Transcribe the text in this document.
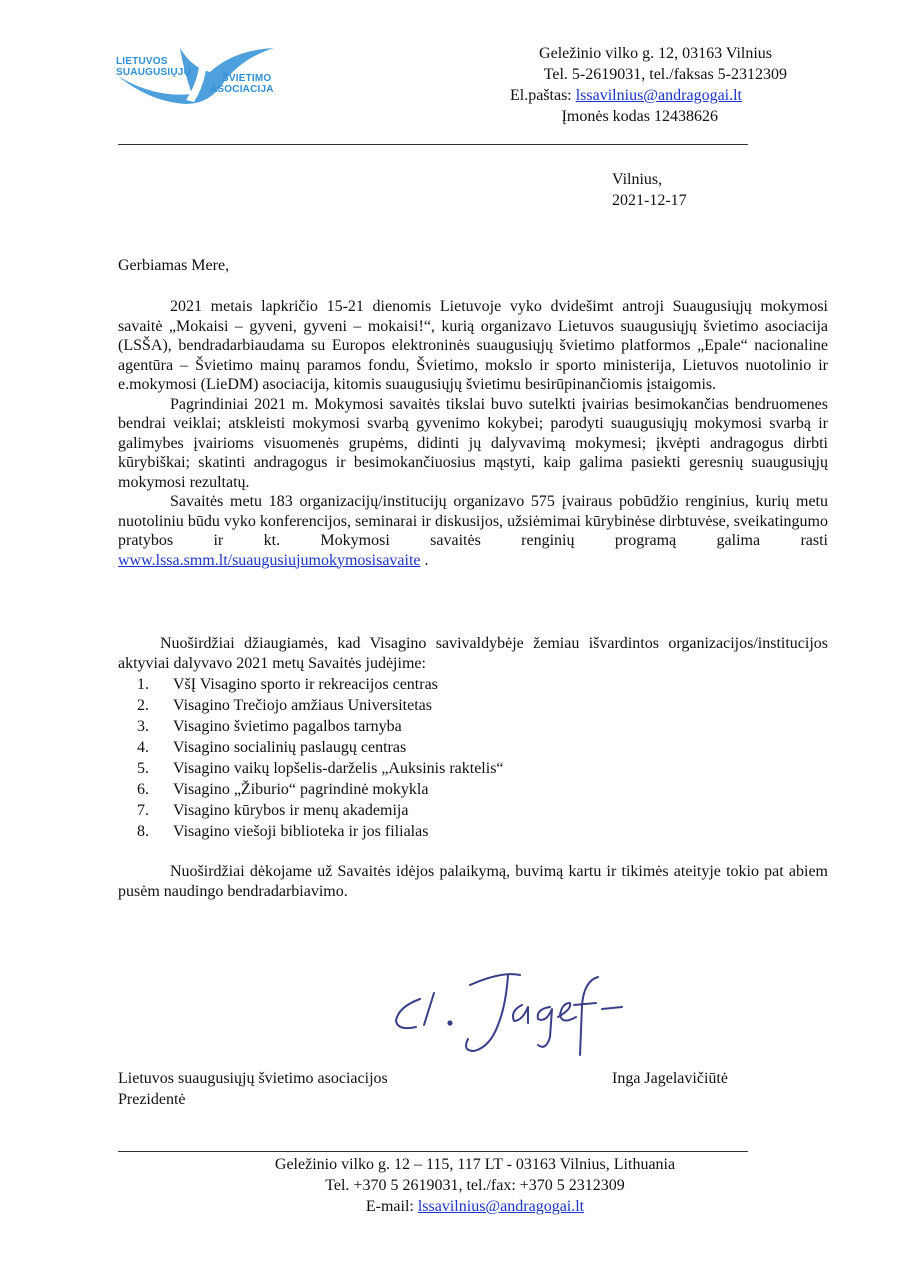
LIETUVOS
SUAUGUSIŲJŲ
ŠVIETIMO
ASOCIACIJA
Geležinio vilko g. 12, 03163 Vilnius
Tel. 5-2619031, tel./faksas 5-2312309
El.paštas: lssavilnius@andragogai.lt
Įmonės kodas 12438626
Vilnius,
2021-12-17
Gerbiamas Mere,

2021 metais lapkričio 15-21 dienomis Lietuvoje vyko dvidešimt antroji Suaugusiųjų mokymosi savaitė „Mokaisi – gyveni, gyveni – mokaisi!“, kurią organizavo Lietuvos suaugusiųjų švietimo asociacija (LSŠA), bendradarbiaudama su Europos elektroninės suaugusiųjų švietimo platformos „Epale“ nacionaline agentūra – Švietimo mainų paramos fondu, Švietimo, mokslo ir sporto ministerija, Lietuvos nuotolinio ir e.mokymosi (LieDM) asociacija, kitomis suaugusiųjų švietimu besirūpinančiomis įstaigomis.

Pagrindiniai 2021 m. Mokymosi savaitės tikslai buvo sutelkti įvairias besimokančias bendruomenes bendrai veiklai; atskleisti mokymosi svarbą gyvenimo kokybei; parodyti suaugusiųjų mokymosi svarbą ir galimybes įvairioms visuomenės grupėms, didinti jų dalyvavimą mokymesi; įkvėpti andragogus dirbti kūrybiškai; skatinti andragogus ir besimokančiuosius mąstyti, kaip galima pasiekti geresnių suaugusiųjų mokymosi rezultatų.

Savaitės metu 183 organizacijų/institucijų organizavo 575 įvairaus pobūdžio renginius, kurių metu nuotoliniu būdu vyko konferencijos, seminarai ir diskusijos, užsiėmimai kūrybinėse dirbtuvėse, sveikatingumo pratybos ir kt. Mokymosi savaitės renginių programą galima rasti www.lssa.smm.lt/suaugusiujumokymosisavaite .

Nuoširdžiai džiaugiamės, kad Visagino savivaldybėje žemiau išvardintos organizacijos/institucijos aktyviai dalyvavo 2021 metų Savaitės judėjime:

1. VšĮ Visagino sporto ir rekreacijos centras
2. Visagino Trečiojo amžiaus Universitetas
3. Visagino švietimo pagalbos tarnyba
4. Visagino socialinių paslaugų centras
5. Visagino vaikų lopšelis-darželis „Auksinis raktelis“
6. Visagino „Žiburio“ pagrindinė mokykla
7. Visagino kūrybos ir menų akademija
8. Visagino viešoji biblioteka ir jos filialas

Nuoširdžiai dėkojame už Savaitės idėjos palaikymą, buvimą kartu ir tikimės ateityje tokio pat abiem pusėm naudingo bendradarbiavimo.

Lietuvos suaugusiųjų švietimo asociacijos
Prezidentė
Inga Jagelavičiūtė
Geležinio vilko g. 12 – 115, 117 LT - 03163 Vilnius, Lithuania
Tel. +370 5 2619031, tel./fax: +370 5 2312309
E-mail: lssavilnius@andragogai.lt
